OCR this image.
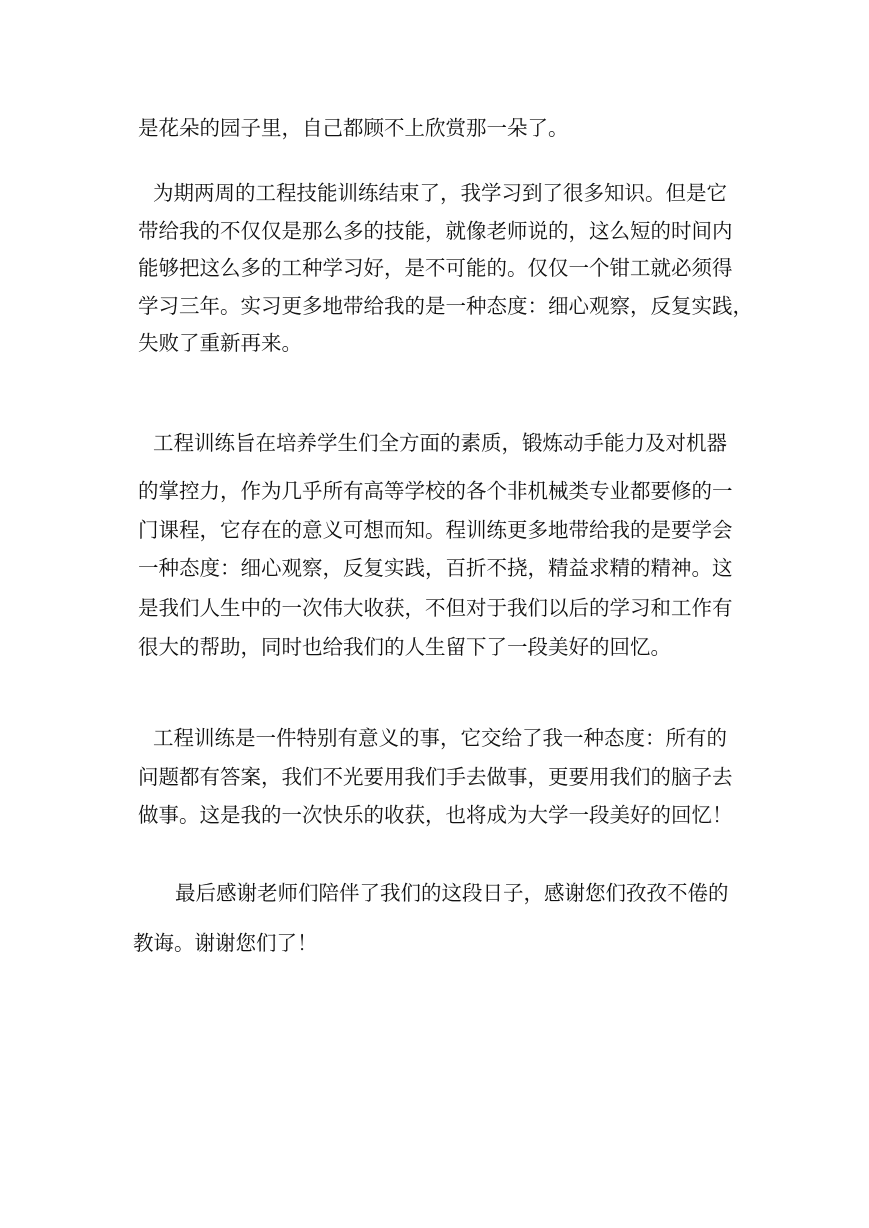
是花朵的园子里，自己都顾不上欣赏那一朵了。
为期两周的工程技能训练结束了，我学习到了很多知识。但是它
带给我的不仅仅是那么多的技能，就像老师说的，这么短的时间内
能够把这么多的工种学习好，是不可能的。仅仅一个钳工就必须得
学习三年。实习更多地带给我的是一种态度：细心观察，反复实践，
失败了重新再来。
工程训练旨在培养学生们全方面的素质，锻炼动手能力及对机器
的掌控力，作为几乎所有高等学校的各个非机械类专业都要修的一
门课程，它存在的意义可想而知。程训练更多地带给我的是要学会
一种态度：细心观察，反复实践，百折不挠，精益求精的精神。这
是我们人生中的一次伟大收获，不但对于我们以后的学习和工作有
很大的帮助，同时也给我们的人生留下了一段美好的回忆。
工程训练是一件特别有意义的事，它交给了我一种态度：所有的
问题都有答案，我们不光要用我们手去做事，更要用我们的脑子去
做事。这是我的一次快乐的收获，也将成为大学一段美好的回忆！
最后感谢老师们陪伴了我们的这段日子，感谢您们孜孜不倦的
教诲。谢谢您们了！
